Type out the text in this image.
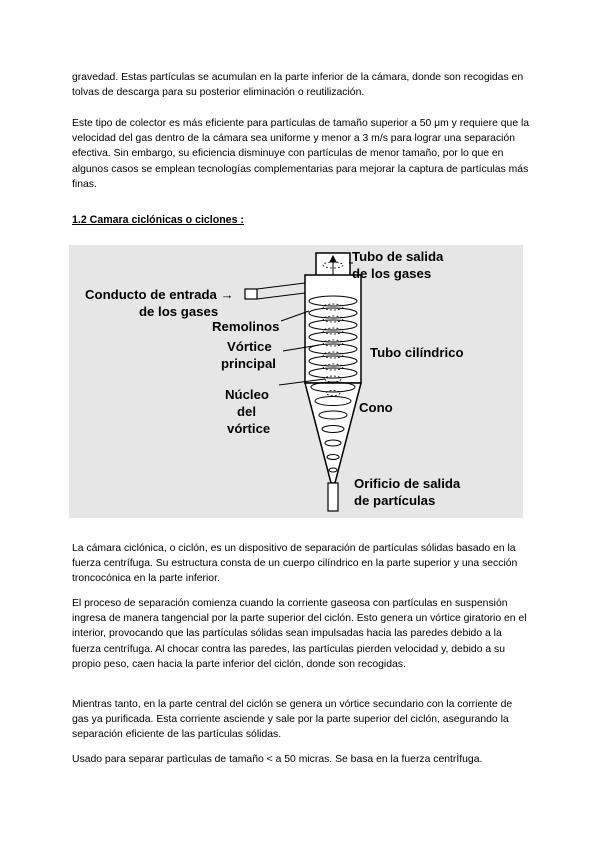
gravedad. Estas partículas se acumulan en la parte inferior de la cámara, donde son recogidas en tolvas de descarga para su posterior eliminación o reutilización.

Este tipo de colector es más eficiente para partículas de tamaño superior a 50 μm y requiere que la velocidad del gas dentro de la cámara sea uniforme y menor a 3 m/s para lograr una separación efectiva. Sin embargo, su eficiencia disminuye con partículas de menor tamaño, por lo que en algunos casos se emplean tecnologías complementarias para mejorar la captura de partículas más finas.

1.2 Camara ciclónicas o ciclones :

Tubo de salida
de los gases
Conducto de entrada →
de los gases
Remolinos
Vórtice
principal
Núcleo
del
vórtice
Tubo cilíndrico
Cono
Orificio de salida
de partículas

La cámara ciclónica, o ciclón, es un dispositivo de separación de partículas sólidas basado en la fuerza centrífuga. Su estructura consta de un cuerpo cilíndrico en la parte superior y una sección troncocónica en la parte inferior.

El proceso de separación comienza cuando la corriente gaseosa con partículas en suspensión ingresa de manera tangencial por la parte superior del ciclón. Esto genera un vórtice giratorio en el interior, provocando que las partículas sólidas sean impulsadas hacia las paredes debido a la fuerza centrífuga. Al chocar contra las paredes, las partículas pierden velocidad y, debido a su propio peso, caen hacia la parte inferior del ciclón, donde son recogidas.

Mientras tanto, en la parte central del ciclón se genera un vórtice secundario con la corriente de gas ya purificada. Esta corriente asciende y sale por la parte superior del ciclón, asegurando la separación eficiente de las partículas sólidas.

Usado para separar partìculas de tamaño < a 50 micras. Se basa en la fuerza centrÌfuga.
